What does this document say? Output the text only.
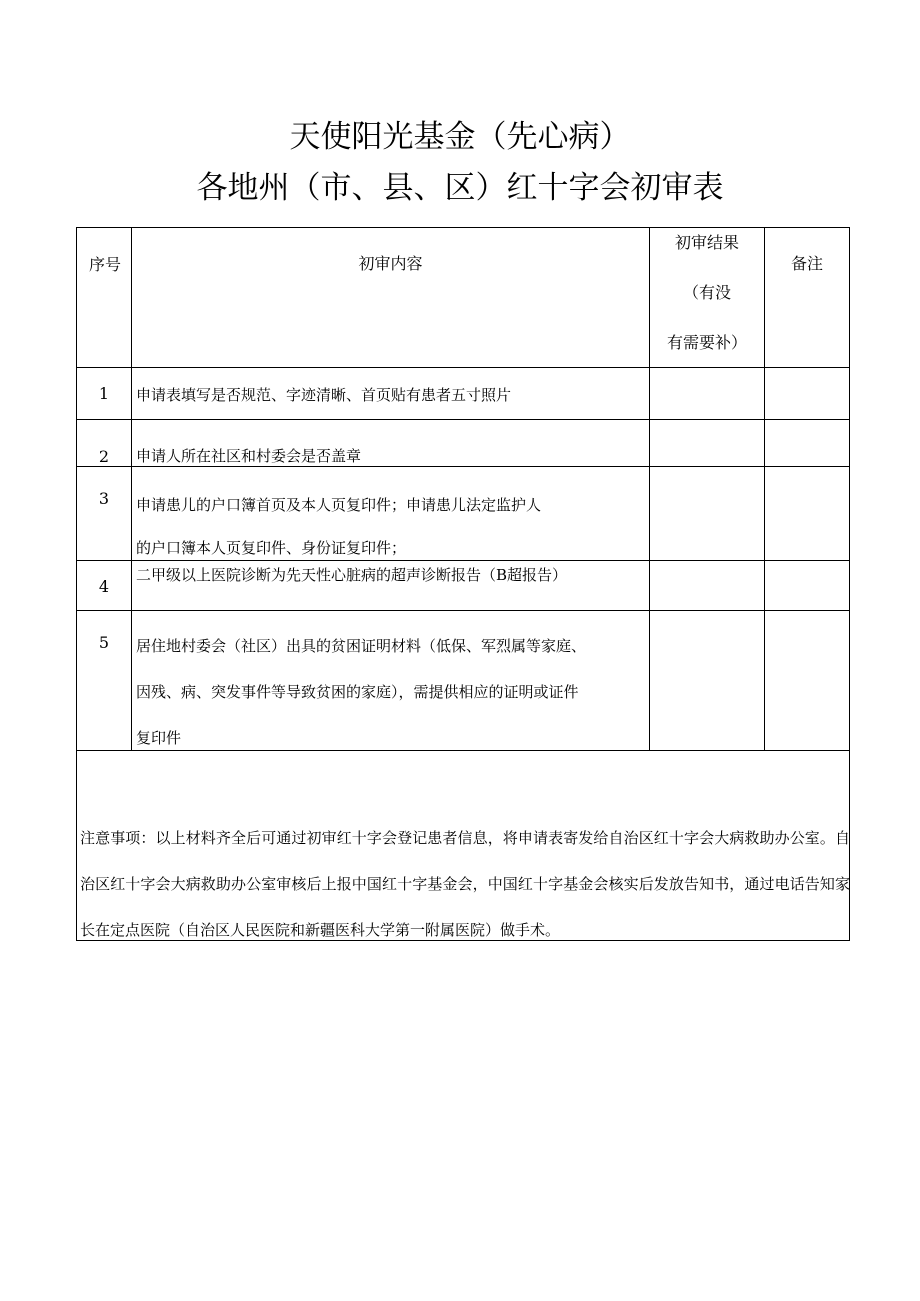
天使阳光基金（先心病）
各地州（市、县、区）红十字会初审表
序号	初审内容	初审结果
（有没
有需要补）	备注

1	申请表填写是否规范、字迹清晰、首页贴有患者五寸照片		

2	申请人所在社区和村委会是否盖章		

3	申请患儿的户口簿首页及本人页复印件；申请患儿法定监护人
的户口簿本人页复印件、身份证复印件；		

4	二甲级以上医院诊断为先天性心脏病的超声诊断报告（B超报告）		

5	居住地村委会（社区）出具的贫困证明材料（低保、军烈属等家庭、
因残、病、突发事件等导致贫困的家庭），需提供相应的证明或证件
复印件		

注意事项：以上材料齐全后可通过初审红十字会登记患者信息，将申请表寄发给自治区红十字会大病救助办公室。自治区红十字会大病救助办公室审核后上报中国红十字基金会，中国红十字基金会核实后发放告知书，通过电话告知家长在定点医院（自治区人民医院和新疆医科大学第一附属医院）做手术。			
